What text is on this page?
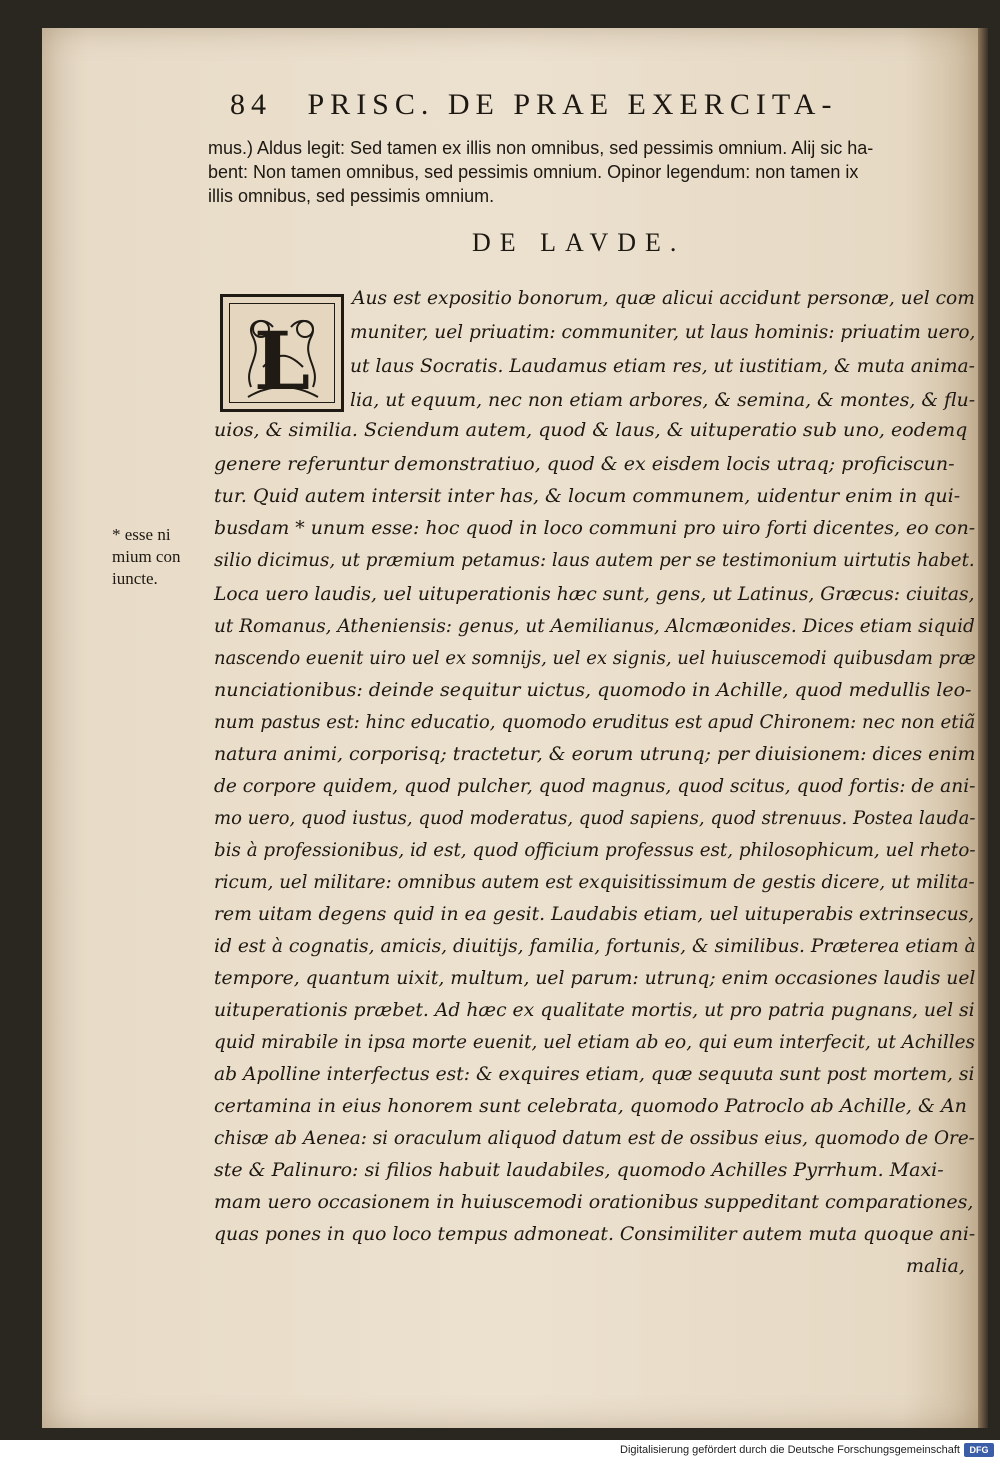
84 PRISC. DE PRAE EXERCITA-
mus.) Aldus legit: Sed tamen ex illis non omnibus, sed pessimis omnium. Alij sic ha-
bent: Non tamen omnibus, sed pessimis omnium. Opinor legendum: non tamen ix
illis omnibus, sed pessimis omnium.
DE LAVDE.
L
* esse ni
mium con
iuncte.
Aus est expositio bonorum, quæ alicui accidunt personæ, uel com
muniter, uel priuatim: communiter, ut laus hominis: priuatim uero,
ut laus Socratis. Laudamus etiam res, ut iustitiam, & muta anima-
lia, ut equum, nec non etiam arbores, & semina, & montes, & flu-
uios, & similia. Sciendum autem, quod & laus, & uituperatio sub uno, eodemq
genere referuntur demonstratiuo, quod & ex eisdem locis utraq; proficiscun-
tur. Quid autem intersit inter has, & locum communem, uidentur enim in qui-
busdam * unum esse: hoc quod in loco communi pro uiro forti dicentes, eo con-
silio dicimus, ut præmium petamus: laus autem per se testimonium uirtutis habet.
Loca uero laudis, uel uituperationis hæc sunt, gens, ut Latinus, Græcus: ciuitas,
ut Romanus, Atheniensis: genus, ut Aemilianus, Alcmæonides. Dices etiam siquid
nascendo euenit uiro uel ex somnijs, uel ex signis, uel huiuscemodi quibusdam præ
nunciationibus: deinde sequitur uictus, quomodo in Achille, quod medullis leo-
num pastus est: hinc educatio, quomodo eruditus est apud Chironem: nec non etiã
natura animi, corporisq; tractetur, & eorum utrunq; per diuisionem: dices enim
de corpore quidem, quod pulcher, quod magnus, quod scitus, quod fortis: de ani-
mo uero, quod iustus, quod moderatus, quod sapiens, quod strenuus. Postea lauda-
bis à professionibus, id est, quod officium professus est, philosophicum, uel rheto-
ricum, uel militare: omnibus autem est exquisitissimum de gestis dicere, ut milita-
rem uitam degens quid in ea gesit. Laudabis etiam, uel uituperabis extrinsecus,
id est à cognatis, amicis, diuitijs, familia, fortunis, & similibus. Præterea etiam à
tempore, quantum uixit, multum, uel parum: utrunq; enim occasiones laudis uel
uituperationis præbet. Ad hæc ex qualitate mortis, ut pro patria pugnans, uel si
quid mirabile in ipsa morte euenit, uel etiam ab eo, qui eum interfecit, ut Achilles
ab Apolline interfectus est: & exquires etiam, quæ sequuta sunt post mortem, si
certamina in eius honorem sunt celebrata, quomodo Patroclo ab Achille, & An
chisæ ab Aenea: si oraculum aliquod datum est de ossibus eius, quomodo de Ore-
ste & Palinuro: si filios habuit laudabiles, quomodo Achilles Pyrrhum. Maxi-
mam uero occasionem in huiuscemodi orationibus suppeditant comparationes,
quas pones in quo loco tempus admoneat. Consimiliter autem muta quoque ani-
malia,
Digitalisierung gefördert durch die Deutsche Forschungsgemeinschaft	DFG
